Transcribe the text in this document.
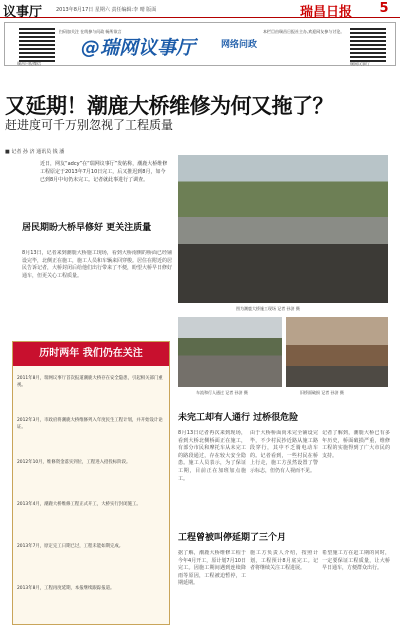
议事厅	2013年8月17日 星期六 责任编辑:李 晴 版面	瑞昌日报	5
瑞昌日报微信
扫码加关注 在线参与问政 畅所欲言
@瑞网议事厅	网络问政
本栏目由瑞昌日报社主办,欢迎网友参与讨论。
瑞网议事厅
又延期！潮鹿大桥维修为何又拖了？
赶进度可千万别忽视了工程质量
■ 记者 孙 济 通讯员 钱 潘
近日，网友“adcy”在“瑞网议事厅”发帖称，潮鹿大桥维修工程原定于2013年7月10日完工，后又推迟到8月，如今已到8月中旬仍未完工。记者就此事进行了调查。
居民期盼大桥早修好 更关注质量
8月13日，记者来到潮鹿大桥施工现场，看到大桥南侧的桥面已经铺设完毕，北侧正在施工，施工人员和车辆来回穿梭。居住在附近的居民告诉记者，大桥封闭后给他们出行带来了不便，盼望大桥早日修好通车，但更关心工程质量。
图为潮鹿大桥施工现场 记者 孙济 摄
车流和行人通过 记者 孙济 摄	旧桥面破损 记者 孙济 摄
未完工却有人通行 过桥很危险
8月13日记者再次来到现场，看到大桥北侧桥面正在施工，有部分市民和摩托车从未完工的路段通过，存在较大安全隐患。施工人员表示，为了保证工期，目前正在加班加点施工。
由于大桥桥面尚未完全铺设完毕，不少村民抄近路从施工路段穿行，其中不乏骑电动车的。记者看到，一些村民在桥上行走，施工方虽然设置了警示标志，但仍有人视而不见。
记者了解到，潮鹿大桥已有多年历史，桥面破损严重，维修工程的实施得到了广大市民的支持。
工程曾被叫停延期了三个月
据了解，潮鹿大桥维修工程于今年4月开工，原计划7月10日完工。因施工期间遇到连续降雨等原因，工程被迫暂停，工期延期。
施工方负责人介绍，按照计划，工程预计8月底完工。记者将继续关注工程进展。
希望施工方在赶工期的同时，一定要保证工程质量，让大桥早日通车，方便群众出行。
历时两年 我们仍在关注
2011年8月，瑞网议事厅首次报道潮鹿大桥存在安全隐患，引起相关部门重视。
2012年3月，市政府将潮鹿大桥维修列入年度民生工程计划，并开始设计论证。
2012年10月，维修资金落实到位，工程进入招投标阶段。
2013年4月，潮鹿大桥维修工程正式开工，大桥实行封闭施工。
2013年7月，原定完工日期已过，工程未能如期完成。
2013年8月，工程再度延期，本报继续跟踪报道。
